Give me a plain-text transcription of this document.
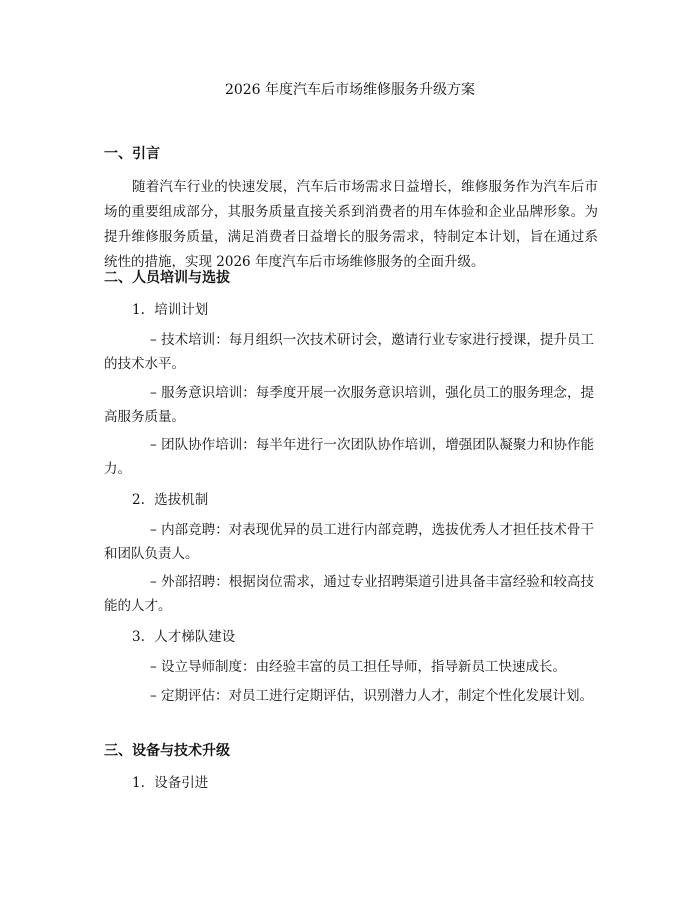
2026 年度汽车后市场维修服务升级方案
一、引言

随着汽车行业的快速发展，汽车后市场需求日益增长，维修服务作为汽车后市场的重要组成部分，其服务质量直接关系到消费者的用车体验和企业品牌形象。为提升维修服务质量，满足消费者日益增长的服务需求，特制定本计划，旨在通过系统性的措施，实现 2026 年度汽车后市场维修服务的全面升级。

二、人员培训与选拔
1. 培训计划

– 技术培训：每月组织一次技术研讨会，邀请行业专家进行授课，提升员工的技术水平。

– 服务意识培训：每季度开展一次服务意识培训，强化员工的服务理念，提高服务质量。

– 团队协作培训：每半年进行一次团队协作培训，增强团队凝聚力和协作能力。

2. 选拔机制

– 内部竞聘：对表现优异的员工进行内部竞聘，选拔优秀人才担任技术骨干和团队负责人。

– 外部招聘：根据岗位需求，通过专业招聘渠道引进具备丰富经验和较高技能的人才。

3. 人才梯队建设

– 设立导师制度：由经验丰富的员工担任导师，指导新员工快速成长。

– 定期评估：对员工进行定期评估，识别潜力人才，制定个性化发展计划。

三、设备与技术升级
1. 设备引进
